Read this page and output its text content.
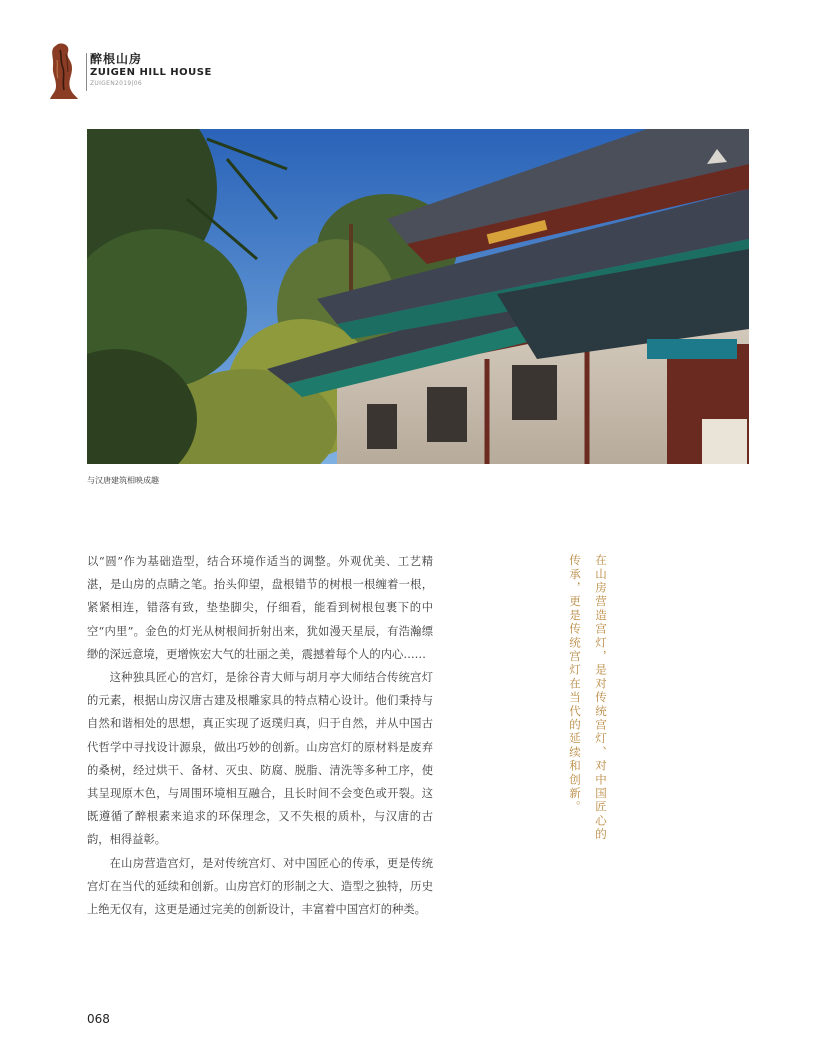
醉根山房
ZUIGEN HILL HOUSE
ZUIGEN2019|06
与汉唐建筑相映成趣

以“圆”作为基础造型，结合环境作适当的调整。外观优美、工艺精湛，是山房的点睛之笔。抬头仰望，盘根错节的树根一根缠着一根，紧紧相连，错落有致，垫垫脚尖，仔细看，能看到树根包裹下的中空“内里”。金色的灯光从树根间折射出来，犹如漫天星辰，有浩瀚缥缈的深远意境，更增恢宏大气的壮丽之美，震撼着每个人的内心……

这种独具匠心的宫灯，是徐谷青大师与胡月亭大师结合传统宫灯的元素，根据山房汉唐古建及根雕家具的特点精心设计。他们秉持与自然和谐相处的思想，真正实现了返璞归真，归于自然，并从中国古代哲学中寻找设计源泉，做出巧妙的创新。山房宫灯的原材料是废弃的桑树，经过烘干、备材、灭虫、防腐、脱脂、清洗等多种工序，使其呈现原木色，与周围环境相互融合，且长时间不会变色或开裂。这既遵循了醉根素来追求的环保理念，又不失根的质朴，与汉唐的古韵，相得益彰。

在山房营造宫灯，是对传统宫灯、对中国匠心的传承，更是传统宫灯在当代的延续和创新。山房宫灯的形制之大、造型之独特，历史上绝无仅有，这更是通过完美的创新设计，丰富着中国宫灯的种类。

在山房营造宫灯，是对传统宫灯、对中国匠心的
传承，更是传统宫灯在当代的延续和创新。
068
